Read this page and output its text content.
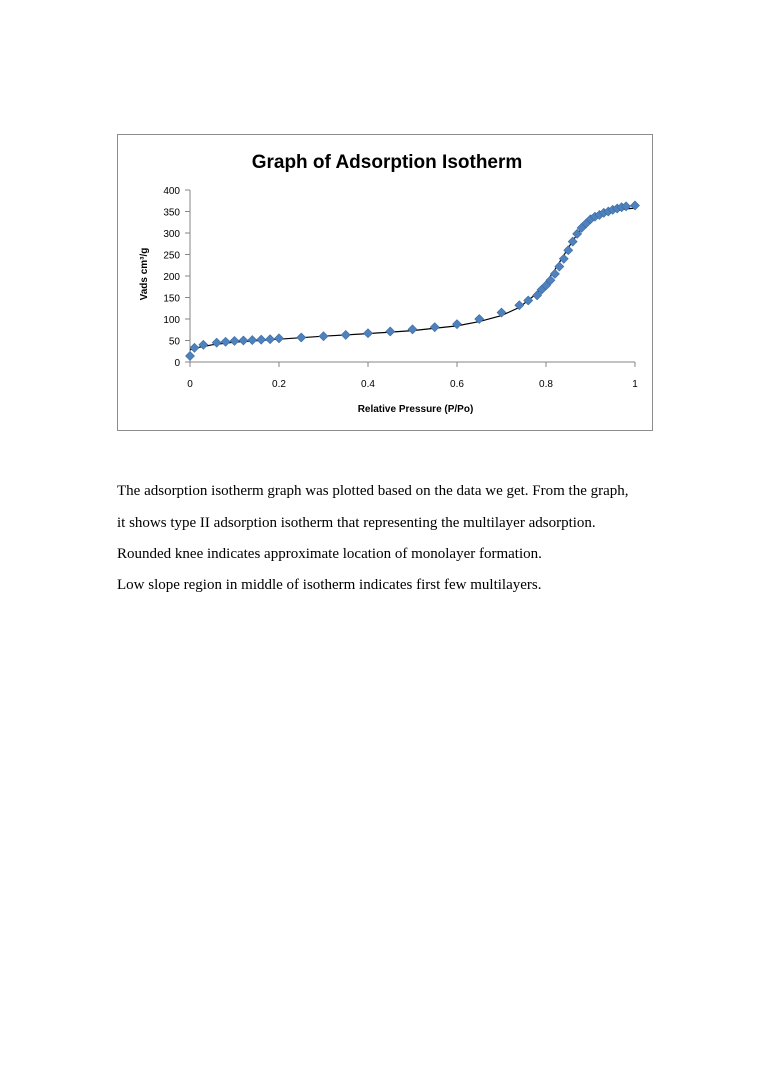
0
50
100
150
200
250
300
350
400
0	0.2	0.4	0.6	0.8	1
Relative Pressure (P/Po)
Vads cm³/g
Graph of Adsorption Isotherm
The adsorption isotherm graph was plotted based on the data we get. From the graph,
it shows type II adsorption isotherm that representing the multilayer adsorption.
Rounded knee indicates approximate location of monolayer formation.
Low slope region in middle of isotherm indicates first few multilayers.
